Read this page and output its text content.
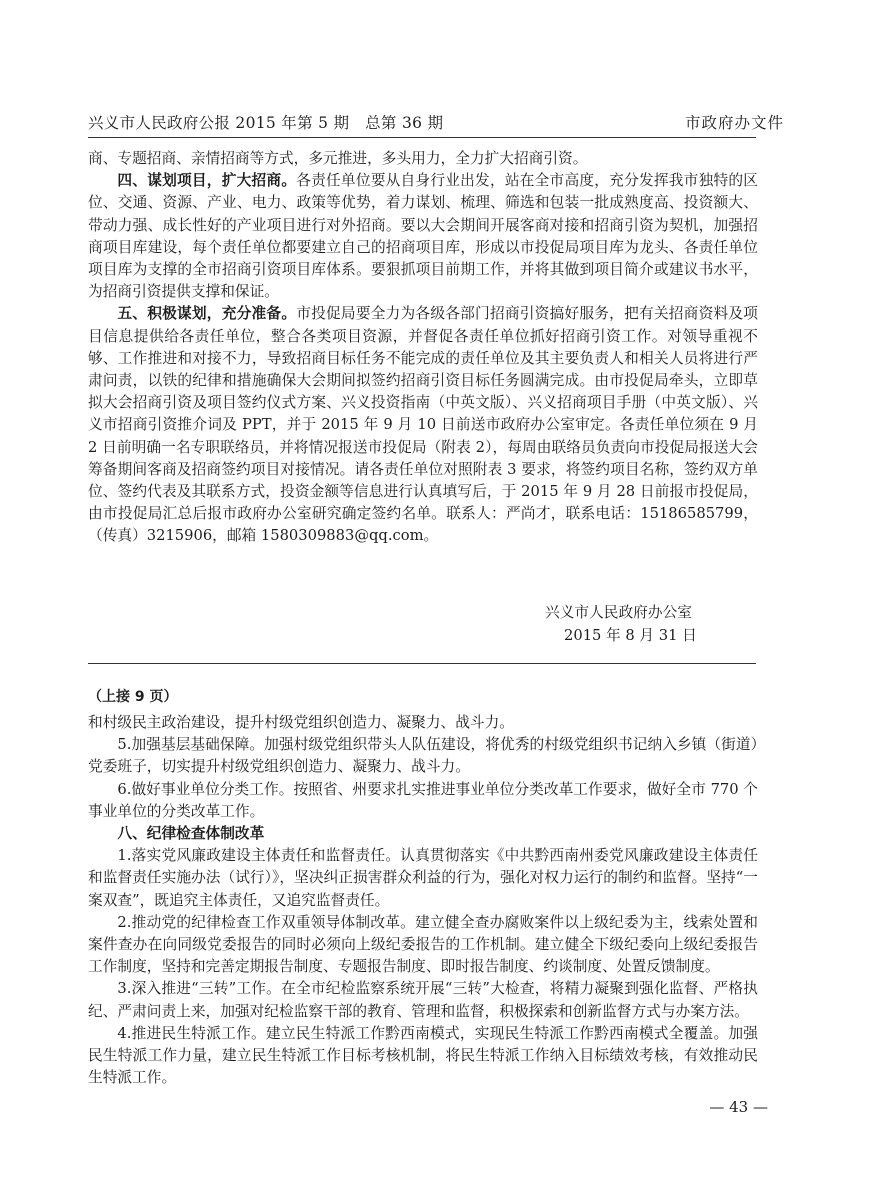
兴义市人民政府公报 2015 年第 5 期　总第 36 期	市政府办文件

商、专题招商、亲情招商等方式，多元推进，多头用力，全力扩大招商引资。

四、谋划项目，扩大招商。各责任单位要从自身行业出发，站在全市高度，充分发挥我市独特的区位、交通、资源、产业、电力、政策等优势，着力谋划、梳理、筛选和包装一批成熟度高、投资额大、带动力强、成长性好的产业项目进行对外招商。要以大会期间开展客商对接和招商引资为契机，加强招商项目库建设，每个责任单位都要建立自己的招商项目库，形成以市投促局项目库为龙头、各责任单位项目库为支撑的全市招商引资项目库体系。要狠抓项目前期工作，并将其做到项目简介或建议书水平，为招商引资提供支撑和保证。

五、积极谋划，充分准备。市投促局要全力为各级各部门招商引资搞好服务，把有关招商资料及项目信息提供给各责任单位，整合各类项目资源，并督促各责任单位抓好招商引资工作。对领导重视不够、工作推进和对接不力，导致招商目标任务不能完成的责任单位及其主要负责人和相关人员将进行严肃问责，以铁的纪律和措施确保大会期间拟签约招商引资目标任务圆满完成。由市投促局牵头，立即草拟大会招商引资及项目签约仪式方案、兴义投资指南（中英文版）、兴义招商项目手册（中英文版）、兴义市招商引资推介词及 PPT，并于 2015 年 9 月 10 日前送市政府办公室审定。各责任单位须在 9 月 2 日前明确一名专职联络员，并将情况报送市投促局（附表 2），每周由联络员负责向市投促局报送大会筹备期间客商及招商签约项目对接情况。请各责任单位对照附表 3 要求，将签约项目名称，签约双方单位、签约代表及其联系方式，投资金额等信息进行认真填写后，于 2015 年 9 月 28 日前报市投促局，由市投促局汇总后报市政府办公室研究确定签约名单。联系人：严尚才，联系电话：15186585799，（传真）3215906，邮箱 1580309883@qq.com。

兴义市人民政府办公室
2015 年 8 月 31 日
（上接 9 页）

和村级民主政治建设，提升村级党组织创造力、凝聚力、战斗力。

5.加强基层基础保障。加强村级党组织带头人队伍建设，将优秀的村级党组织书记纳入乡镇（街道）党委班子，切实提升村级党组织创造力、凝聚力、战斗力。

6.做好事业单位分类工作。按照省、州要求扎实推进事业单位分类改革工作要求，做好全市 770 个事业单位的分类改革工作。

八、纪律检查体制改革

1.落实党风廉政建设主体责任和监督责任。认真贯彻落实《中共黔西南州委党风廉政建设主体责任和监督责任实施办法（试行）》，坚决纠正损害群众利益的行为，强化对权力运行的制约和监督。坚持“一案双查”，既追究主体责任，又追究监督责任。

2.推动党的纪律检查工作双重领导体制改革。建立健全查办腐败案件以上级纪委为主，线索处置和案件查办在向同级党委报告的同时必须向上级纪委报告的工作机制。建立健全下级纪委向上级纪委报告工作制度，坚持和完善定期报告制度、专题报告制度、即时报告制度、约谈制度、处置反馈制度。

3.深入推进“三转”工作。在全市纪检监察系统开展“三转”大检查，将精力凝聚到强化监督、严格执纪、严肃问责上来，加强对纪检监察干部的教育、管理和监督，积极探索和创新监督方式与办案方法。

4.推进民生特派工作。建立民生特派工作黔西南模式，实现民生特派工作黔西南模式全覆盖。加强民生特派工作力量，建立民生特派工作目标考核机制，将民生特派工作纳入目标绩效考核，有效推动民生特派工作。

— 43 —
